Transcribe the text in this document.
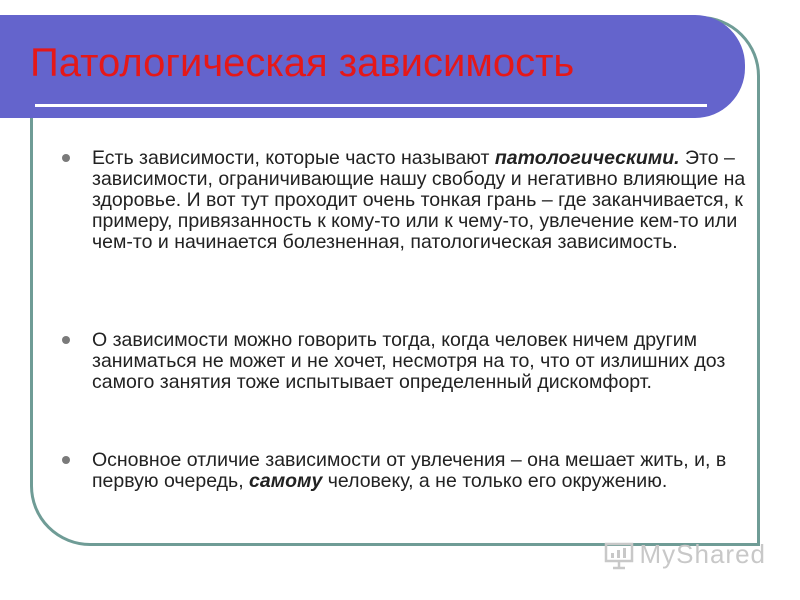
Патологическая зависимость
Есть зависимости, которые часто называют патологическими. Это – зависимости, ограничивающие нашу свободу и негативно влияющие на здоровье. И вот тут проходит очень тонкая грань – где заканчивается, к примеру, привязанность к кому-то или к чему-то, увлечение кем-то или чем-то и начинается болезненная, патологическая зависимость.
О зависимости можно говорить тогда, когда человек ничем другим заниматься не может и не хочет, несмотря на то, что от излишних доз самого занятия тоже испытывает определенный дискомфорт.
Основное отличие зависимости от увлечения – она мешает жить, и, в первую очередь, самому человеку, а не только его окружению.
MyShared
